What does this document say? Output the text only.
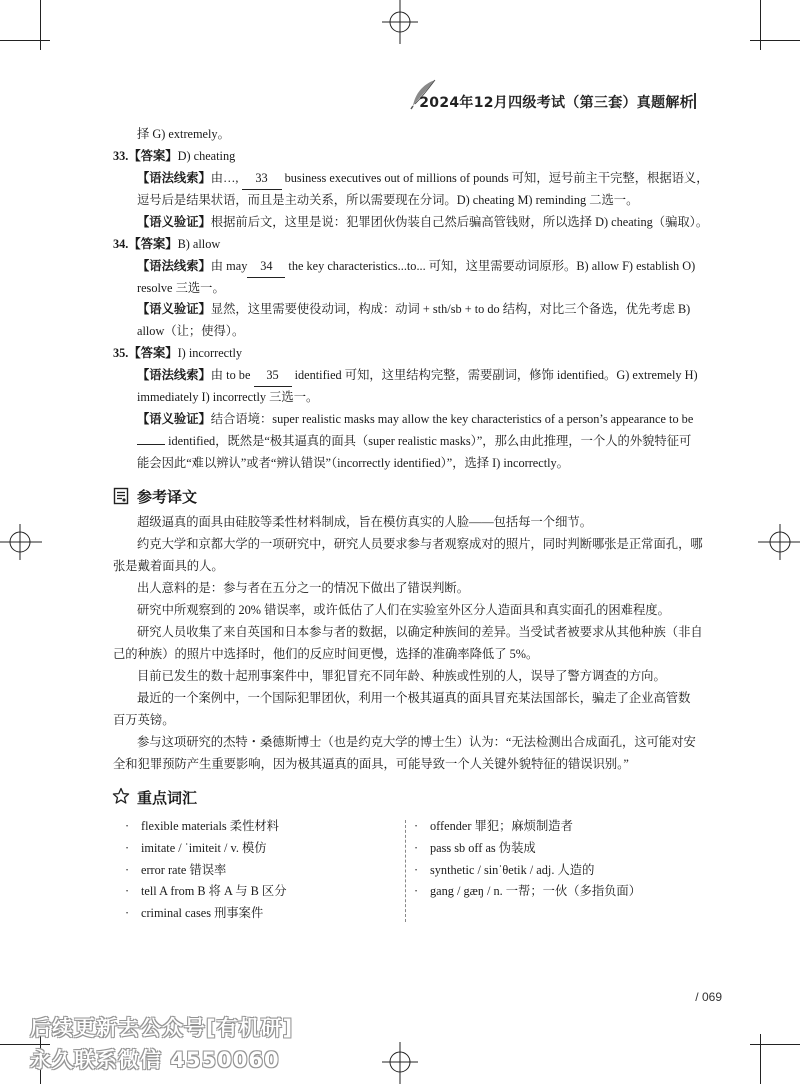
2024年12月四级考试（第三套）真题解析
择 G) extremely。
33.【答案】D) cheating
【语法线索】由…, 33 business executives out of millions of pounds 可知，逗号前主干完整，根据语义，
逗号后是结果状语，而且是主动关系，所以需要现在分词。D) cheating M) reminding 二选一。
【语义验证】根据前后文，这里是说：犯罪团伙伪装自己然后骗高管钱财，所以选择 D) cheating（骗取）。
34.【答案】B) allow
【语法线索】由 may 34 the key characteristics...to... 可知，这里需要动词原形。B) allow F) establish O)
resolve 三选一。
【语义验证】显然，这里需要使役动词，构成：动词 + sth/sb + to do 结构，对比三个备选，优先考虑 B)
allow（让；使得）。
35.【答案】I) incorrectly
【语法线索】由 to be 35 identified 可知，这里结构完整，需要副词，修饰 identified。G) extremely H)
immediately I) incorrectly 三选一。
【语义验证】结合语境：super realistic masks may allow the key characteristics of a person’s appearance to be
identified，既然是“极其逼真的面具（super realistic masks）”，那么由此推理，一个人的外貌特征可
能会因此“难以辨认”或者“辨认错误”（incorrectly identified）”，选择 I) incorrectly。
参考译文
超级逼真的面具由硅胶等柔性材料制成，旨在模仿真实的人脸——包括每一个细节。
约克大学和京都大学的一项研究中，研究人员要求参与者观察成对的照片，同时判断哪张是正常面孔，哪
张是戴着面具的人。
出人意料的是：参与者在五分之一的情况下做出了错误判断。
研究中所观察到的 20% 错误率，或许低估了人们在实验室外区分人造面具和真实面孔的困难程度。
研究人员收集了来自英国和日本参与者的数据，以确定种族间的差异。当受试者被要求从其他种族（非自
己的种族）的照片中选择时，他们的反应时间更慢，选择的准确率降低了 5%。
目前已发生的数十起刑事案件中，罪犯冒充不同年龄、种族或性别的人，误导了警方调查的方向。
最近的一个案例中，一个国际犯罪团伙，利用一个极其逼真的面具冒充某法国部长，骗走了企业高管数
百万英镑。
参与这项研究的杰特・桑德斯博士（也是约克大学的博士生）认为：“无法检测出合成面孔，这可能对安
全和犯罪预防产生重要影响，因为极其逼真的面具，可能导致一个人关键外貌特征的错误识别。”
重点词汇
· flexible materials 柔性材料
· imitate / ˈimiteit / v. 模仿
· error rate 错误率
· tell A from B 将 A 与 B 区分
· criminal cases 刑事案件
· offender 罪犯；麻烦制造者
· pass sb off as 伪装成
· synthetic / sinˈθetik / adj. 人造的
· gang / gæŋ / n. 一帮；一伙（多指负面）
/ 069
后续更新去公众号[有机研]
永久联系微信 4550060
